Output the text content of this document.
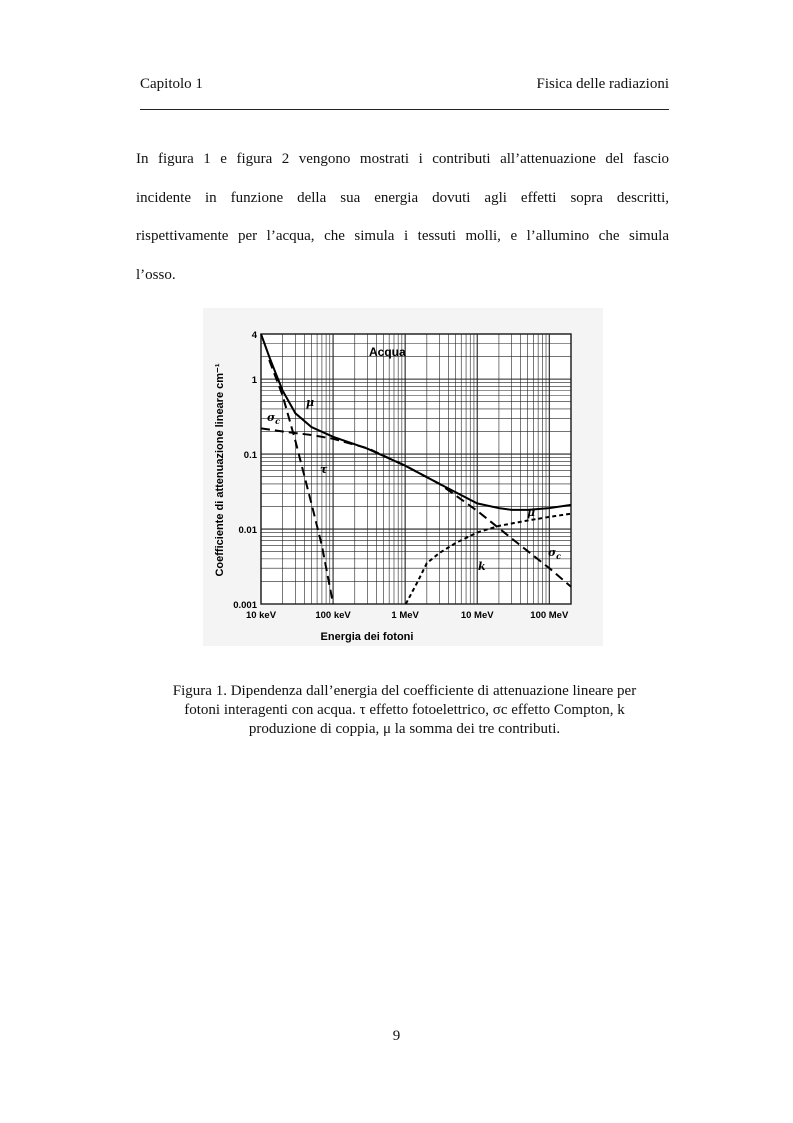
Capitolo 1	Fisica delle radiazioni
In figura 1 e figura 2 vengono mostrati i contributi all’attenuazione del fascio
incidente in funzione della sua energia dovuti agli effetti sopra descritti,
rispettivamente per l’acqua, che simula i tessuti molli, e l’allumino che simula
l’osso.
10 keV	100 keV	1 MeV	10 MeV	100 MeV
4
1
0.1
0.01
0.001
$\sigma_c$
μ
τ
μ
$\sigma_c$
k
Acqua
Energia dei fotoni
Coefficiente di attenuazione lineare cm⁻¹
Figura 1. Dipendenza dall’energia del coefficiente di attenuazione lineare per
fotoni interagenti con acqua. τ effetto fotoelettrico, σc effetto Compton, k
produzione di coppia, μ la somma dei tre contributi.
9
